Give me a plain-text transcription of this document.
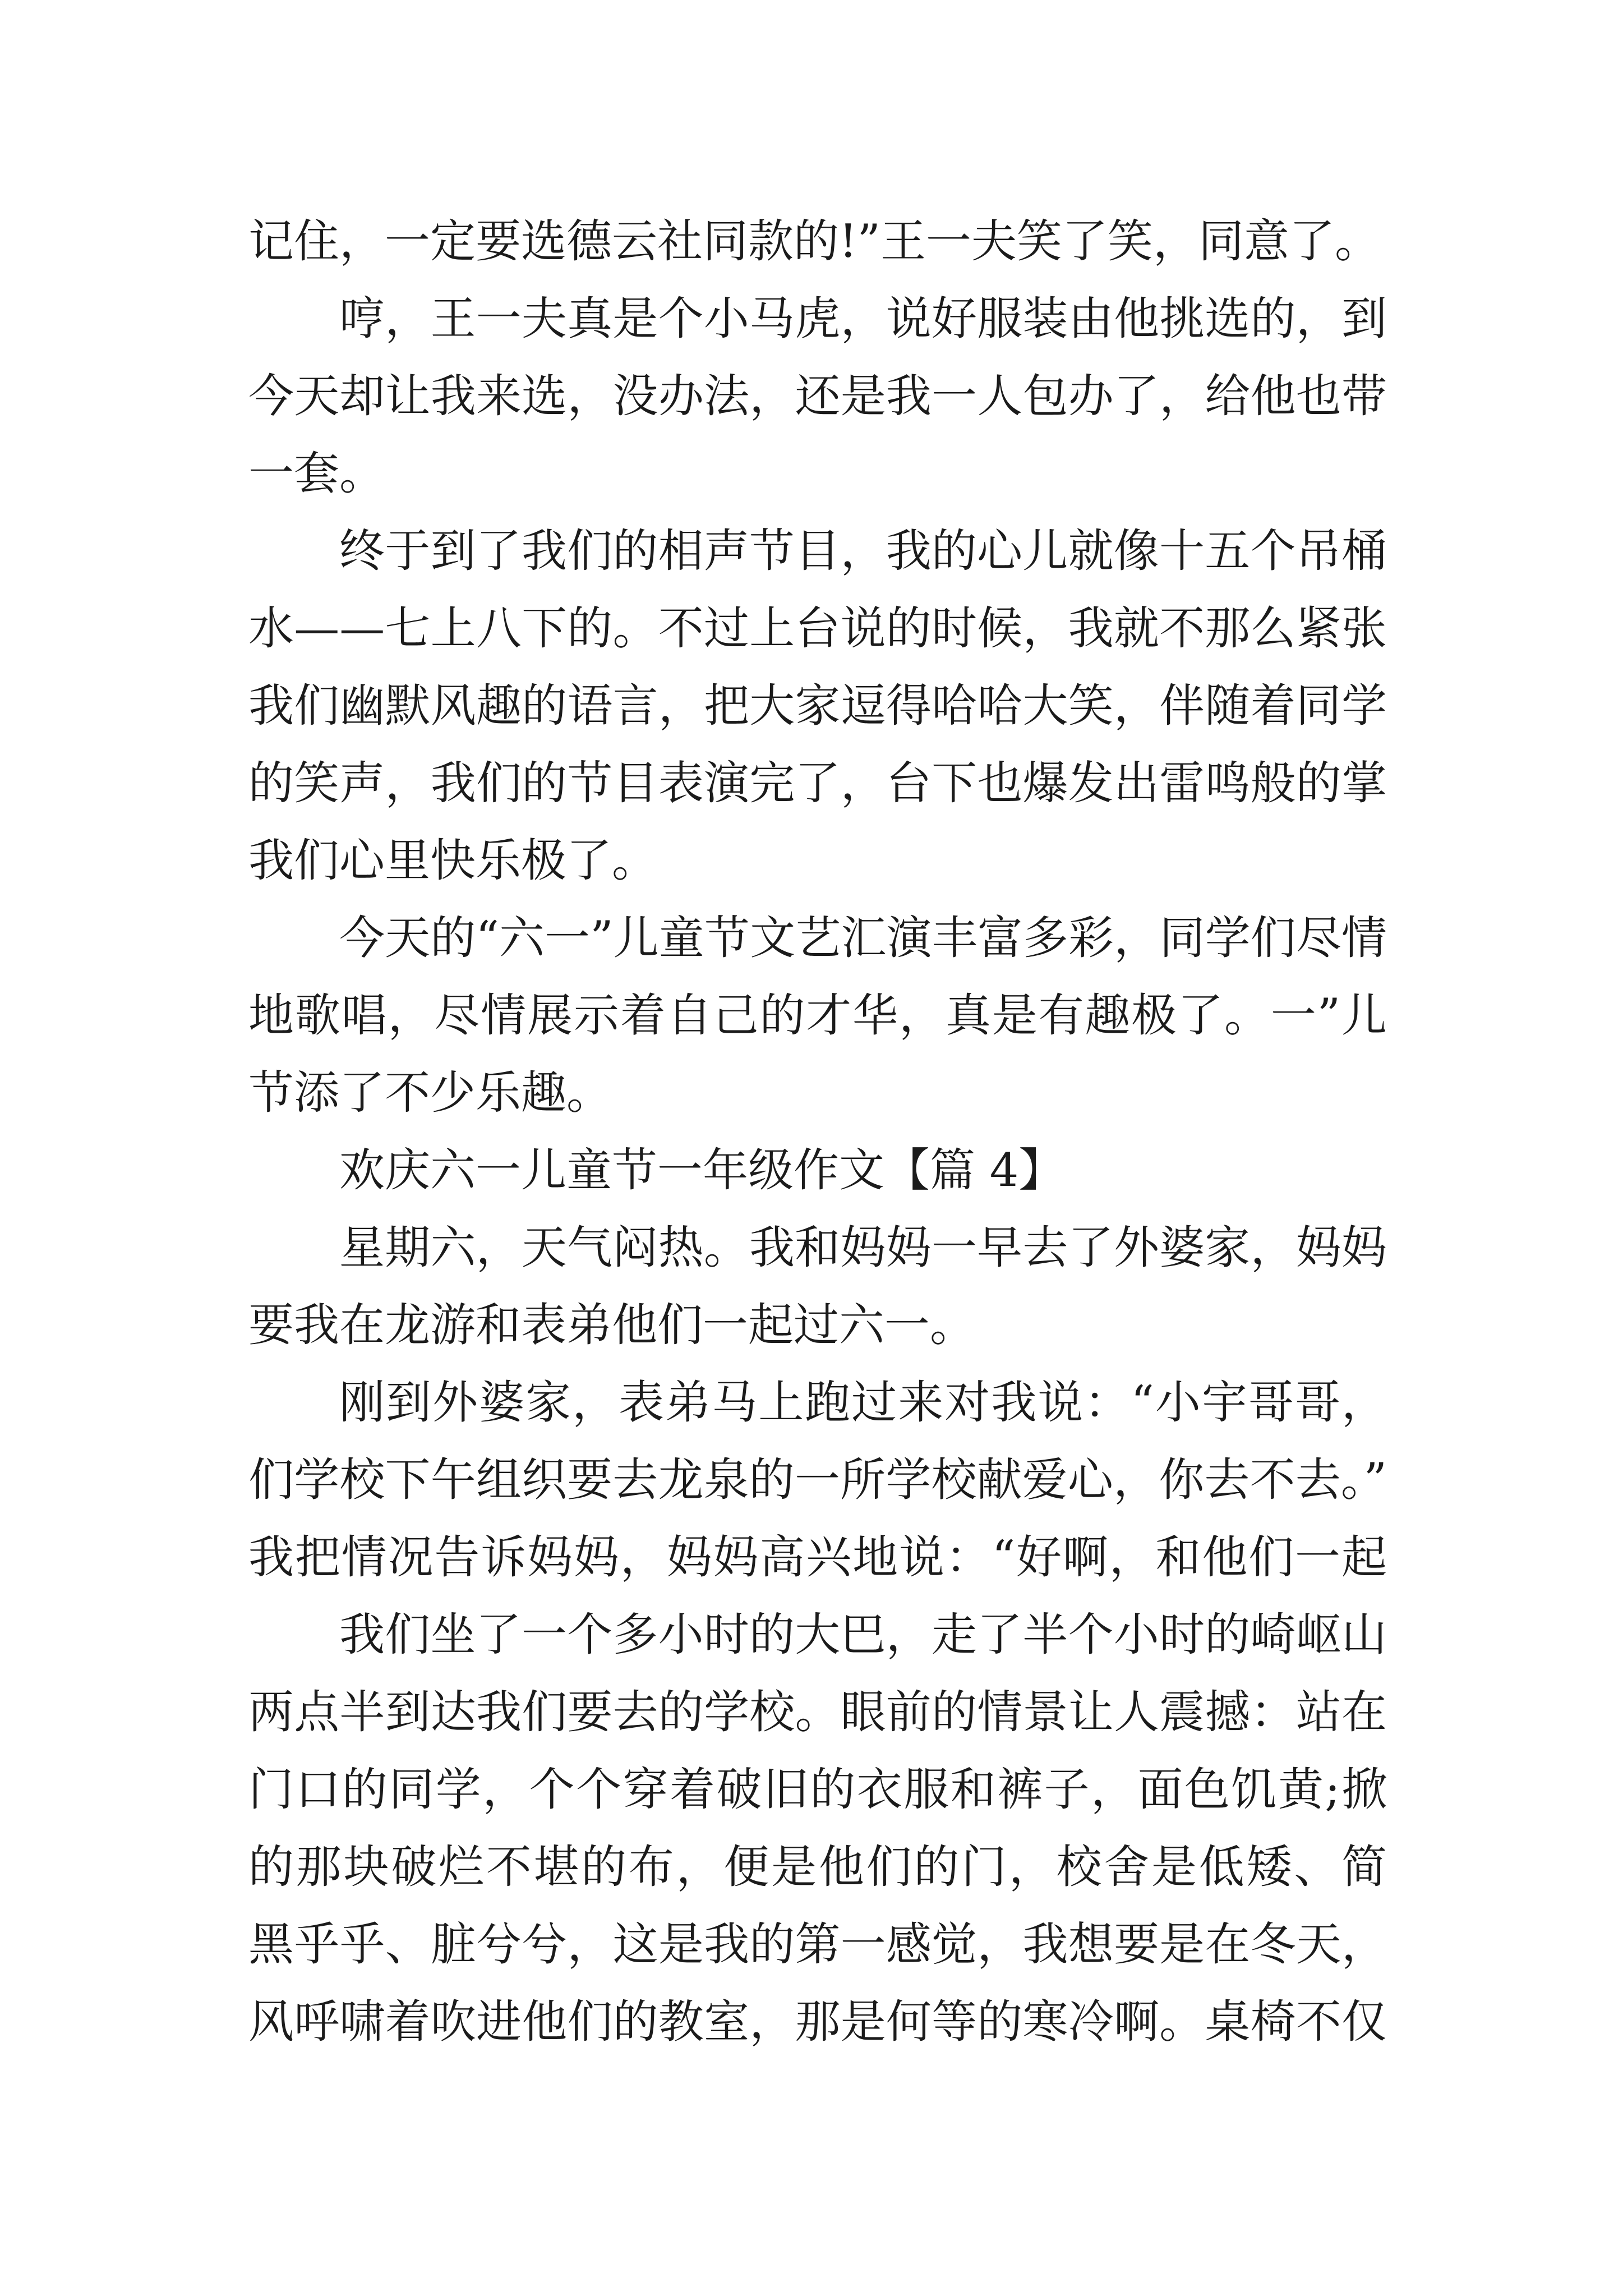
记住，一定要选德云社同款的!”王一夫笑了笑，同意了。
哼，王一夫真是个小马虎，说好服装由他挑选的，到
今天却让我来选，没办法，还是我一人包办了，给他也带
一套。
终于到了我们的相声节目，我的心儿就像十五个吊桶
水——七上八下的。不过上台说的时候，我就不那么紧张
我们幽默风趣的语言，把大家逗得哈哈大笑，伴随着同学
的笑声，我们的节目表演完了，台下也爆发出雷鸣般的掌
我们心里快乐极了。
今天的“六一”儿童节文艺汇演丰富多彩，同学们尽情
地歌唱，尽情展示着自己的才华，真是有趣极了。一”儿
节添了不少乐趣。
欢庆六一儿童节一年级作文【篇 4】
星期六，天气闷热。我和妈妈一早去了外婆家，妈妈
要我在龙游和表弟他们一起过六一。
刚到外婆家，表弟马上跑过来对我说：“小宇哥哥，
们学校下午组织要去龙泉的一所学校献爱心，你去不去。”
我把情况告诉妈妈，妈妈高兴地说：“好啊，和他们一起
我们坐了一个多小时的大巴，走了半个小时的崎岖山
两点半到达我们要去的学校。眼前的情景让人震撼：站在
门口的同学，个个穿着破旧的衣服和裤子，面色饥黄;掀
的那块破烂不堪的布，便是他们的门，校舍是低矮、简
黑乎乎、脏兮兮，这是我的第一感觉，我想要是在冬天，
风呼啸着吹进他们的教室，那是何等的寒冷啊。桌椅不仅
